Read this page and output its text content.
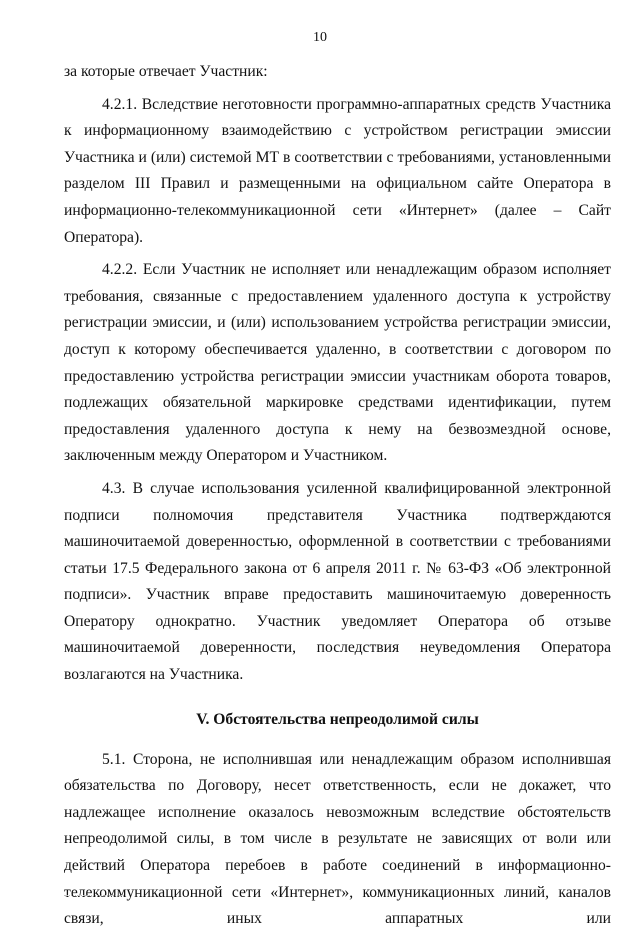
10

за которые отвечает Участник:

4.2.1. Вследствие неготовности программно-аппаратных средств Участника к информационному взаимодействию с устройством регистрации эмиссии Участника и (или) системой МТ в соответствии с требованиями, установленными разделом III Правил и размещенными на официальном сайте Оператора в информационно-телекоммуникационной сети «Интернет» (далее – Сайт Оператора).

4.2.2. Если Участник не исполняет или ненадлежащим образом исполняет требования, связанные с предоставлением удаленного доступа к устройству регистрации эмиссии, и (или) использованием устройства регистрации эмиссии, доступ к которому обеспечивается удаленно, в соответствии с договором по предоставлению устройства регистрации эмиссии участникам оборота товаров, подлежащих обязательной маркировке средствами идентификации, путем предоставления удаленного доступа к нему на безвозмездной основе, заключенным между Оператором и Участником.

4.3. В случае использования усиленной квалифицированной электронной подписи полномочия представителя Участника подтверждаются машиночитаемой доверенностью, оформленной в соответствии с требованиями статьи 17.5 Федерального закона от 6 апреля 2011 г. № 63-ФЗ «Об электронной подписи». Участник вправе предоставить машиночитаемую доверенность Оператору однократно. Участник уведомляет Оператора об отзыве машиночитаемой доверенности, последствия неуведомления Оператора возлагаются на Участника.

V. Обстоятельства непреодолимой силы

5.1. Сторона, не исполнившая или ненадлежащим образом исполнившая обязательства по Договору, несет ответственность, если не докажет, что надлежащее исполнение оказалось невозможным вследствие обстоятельств непреодолимой силы, в том числе в результате не зависящих от воли или действий Оператора перебоев в работе соединений в информационно-телекоммуникационной сети «Интернет», коммуникационных линий, каналов связи, иных аппаратных или
